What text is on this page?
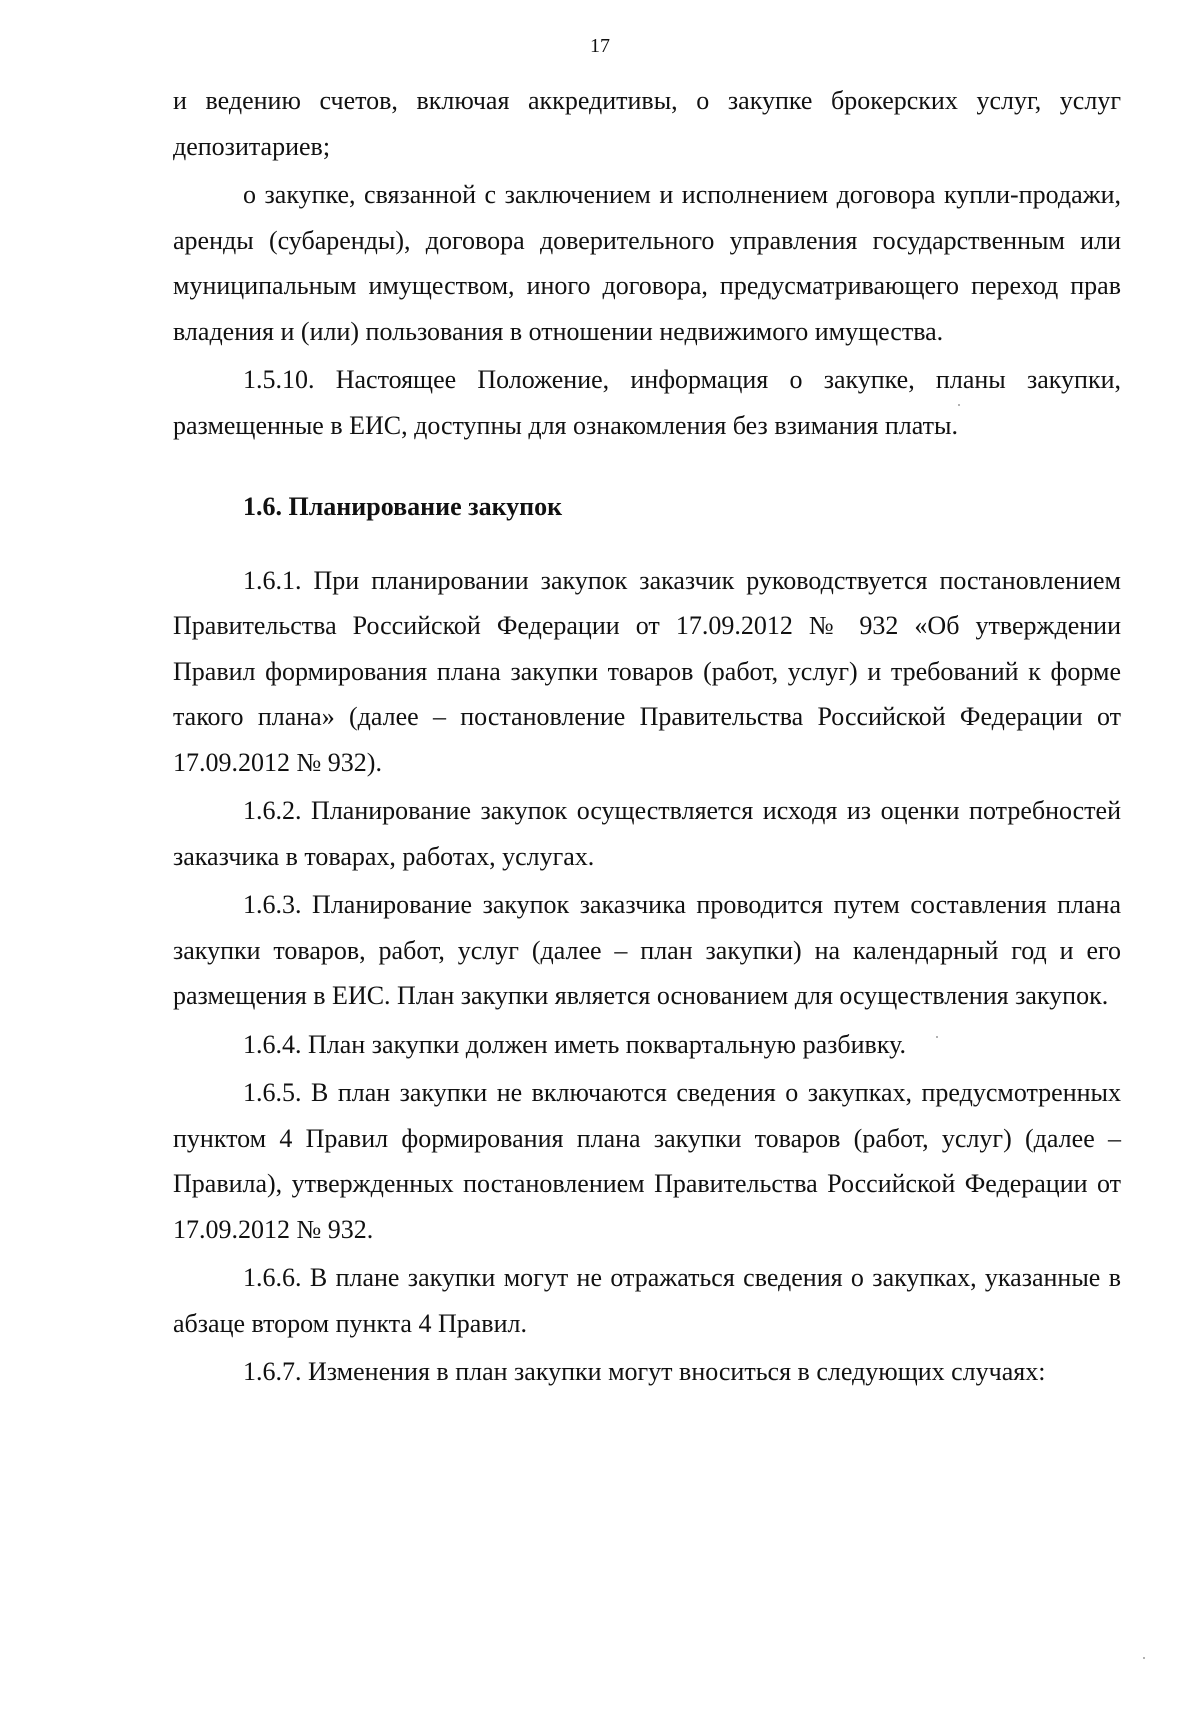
17

и ведению счетов, включая аккредитивы, о закупке брокерских услуг, услуг депозитариев;

о закупке, связанной с заключением и исполнением договора купли-продажи, аренды (субаренды), договора доверительного управления государственным или муниципальным имуществом, иного договора, предусматривающего переход прав владения и (или) пользования в отношении недвижимого имущества.

1.5.10. Настоящее Положение, информация о закупке, планы закупки, размещенные в ЕИС, доступны для ознакомления без взимания платы.

1.6. Планирование закупок

1.6.1. При планировании закупок заказчик руководствуется постановлением Правительства Российской Федерации от 17.09.2012 № 932 «Об утверждении Правил формирования плана закупки товаров (работ, услуг) и требований к форме такого плана» (далее – постановление Правительства Российской Федерации от 17.09.2012 № 932).

1.6.2. Планирование закупок осуществляется исходя из оценки потребностей заказчика в товарах, работах, услугах.

1.6.3. Планирование закупок заказчика проводится путем составления плана закупки товаров, работ, услуг (далее – план закупки) на календарный год и его размещения в ЕИС. План закупки является основанием для осуществления закупок.

1.6.4. План закупки должен иметь поквартальную разбивку.

1.6.5. В план закупки не включаются сведения о закупках, предусмотренных пунктом 4 Правил формирования плана закупки товаров (работ, услуг) (далее – Правила), утвержденных постановлением Правительства Российской Федерации от 17.09.2012 № 932.

1.6.6. В плане закупки могут не отражаться сведения о закупках, указанные в абзаце втором пункта 4 Правил.

1.6.7. Изменения в план закупки могут вноситься в следующих случаях:
